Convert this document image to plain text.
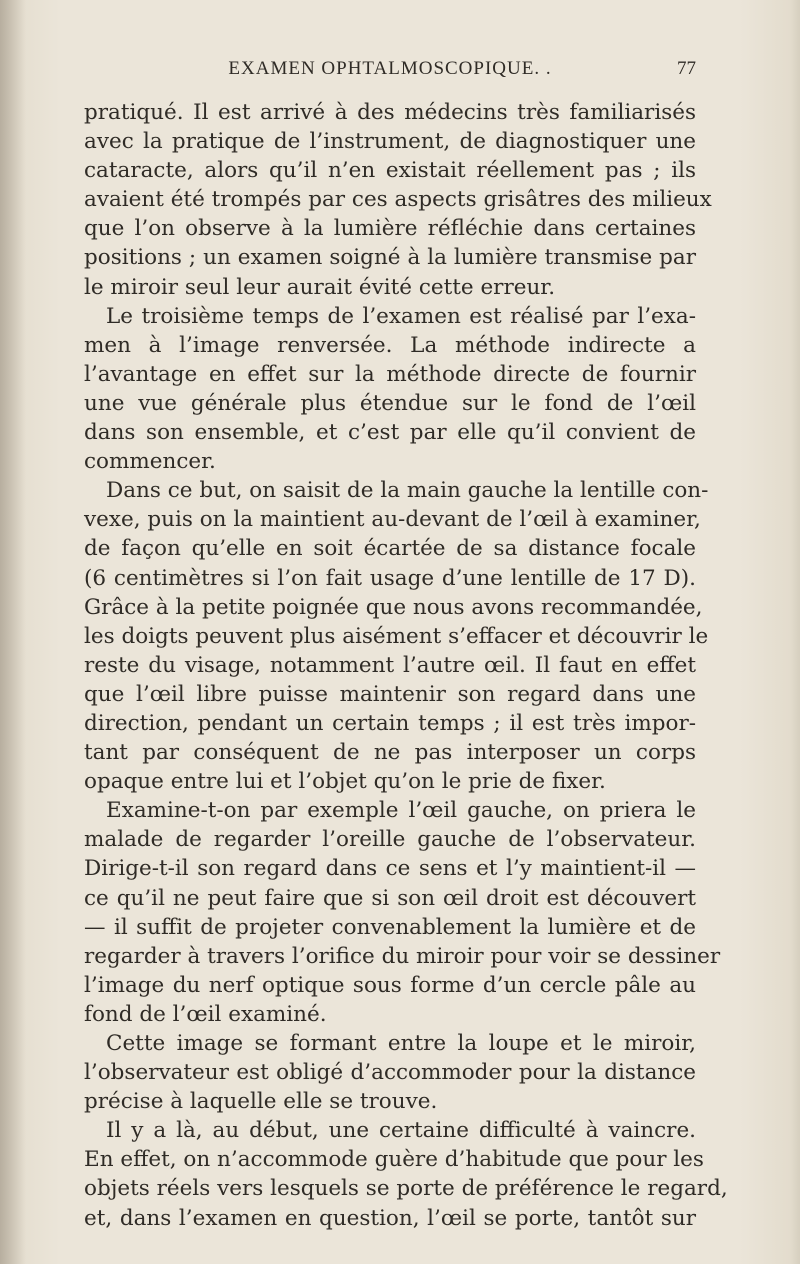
EXAMEN OPHTALMOSCOPIQUE. .	77
pratiqué. Il est arrivé à des médecins très familiarisés
avec la pratique de l’instrument, de diagnostiquer une
cataracte, alors qu’il n’en existait réellement pas ; ils
avaient été trompés par ces aspects grisâtres des milieux
que l’on observe à la lumière réfléchie dans certaines
positions ; un examen soigné à la lumière transmise par
le miroir seul leur aurait évité cette erreur.
Le troisième temps de l’examen est réalisé par l’exa-
men à l’image renversée. La méthode indirecte a
l’avantage en effet sur la méthode directe de fournir
une vue générale plus étendue sur le fond de l’œil
dans son ensemble, et c’est par elle qu’il convient de
commencer.
Dans ce but, on saisit de la main gauche la lentille con-
vexe, puis on la maintient au-devant de l’œil à examiner,
de façon qu’elle en soit écartée de sa distance focale
(6 centimètres si l’on fait usage d’une lentille de 17 D).
Grâce à la petite poignée que nous avons recommandée,
les doigts peuvent plus aisément s’effacer et découvrir le
reste du visage, notamment l’autre œil. Il faut en effet
que l’œil libre puisse maintenir son regard dans une
direction, pendant un certain temps ; il est très impor-
tant par conséquent de ne pas interposer un corps
opaque entre lui et l’objet qu’on le prie de fixer.
Examine-t-on par exemple l’œil gauche, on priera le
malade de regarder l’oreille gauche de l’observateur.
Dirige-t-il son regard dans ce sens et l’y maintient-il —
ce qu’il ne peut faire que si son œil droit est découvert
— il suffit de projeter convenablement la lumière et de
regarder à travers l’orifice du miroir pour voir se dessiner
l’image du nerf optique sous forme d’un cercle pâle au
fond de l’œil examiné.
Cette image se formant entre la loupe et le miroir,
l’observateur est obligé d’accommoder pour la distance
précise à laquelle elle se trouve.
Il y a là, au début, une certaine difficulté à vaincre.
En effet, on n’accommode guère d’habitude que pour les
objets réels vers lesquels se porte de préférence le regard,
et, dans l’examen en question, l’œil se porte, tantôt sur
